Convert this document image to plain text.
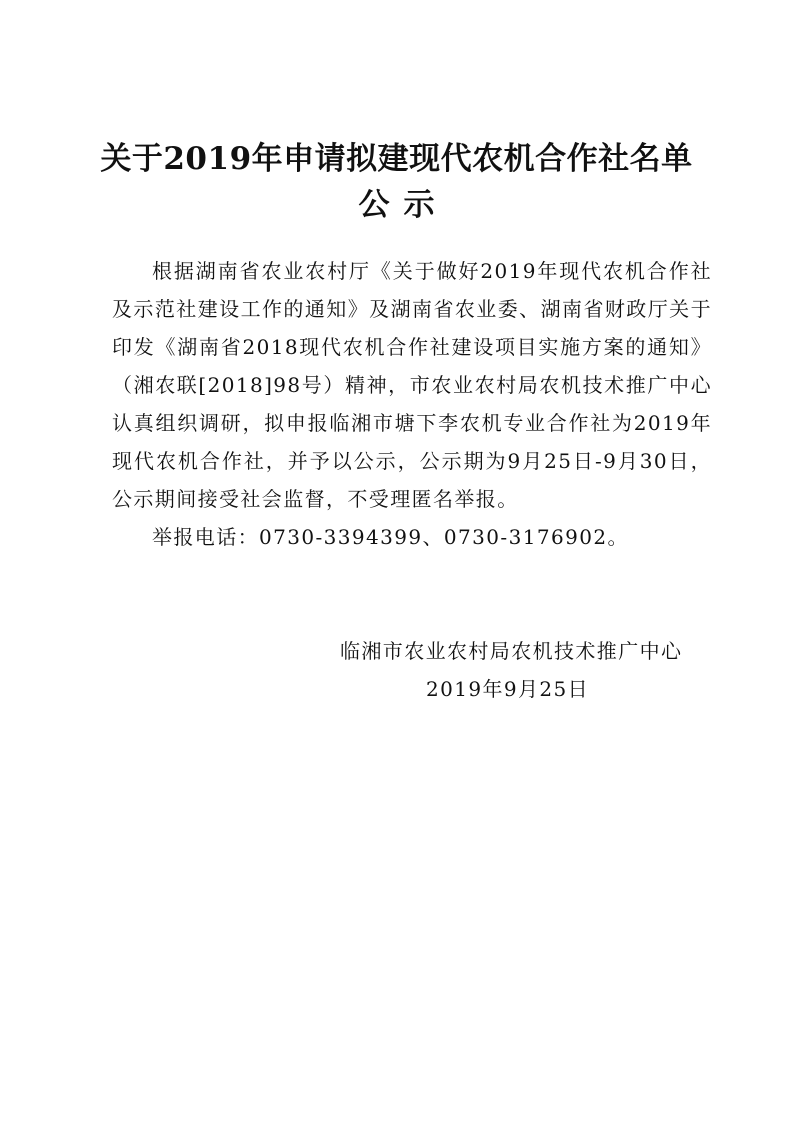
关于2019年申请拟建现代农机合作社名单
公示

根据湖南省农业农村厅《关于做好2019年现代农机合作社及示范社建设工作的通知》及湖南省农业委、湖南省财政厅关于印发《湖南省2018现代农机合作社建设项目实施方案的通知》（湘农联[2018]98号）精神，市农业农村局农机技术推广中心认真组织调研，拟申报临湘市塘下李农机专业合作社为2019年现代农机合作社，并予以公示，公示期为9月25日-9月30日，公示期间接受社会监督，不受理匿名举报。

举报电话：0730-3394399、0730-3176902。

临湘市农业农村局农机技术推广中心
2019年9月25日
